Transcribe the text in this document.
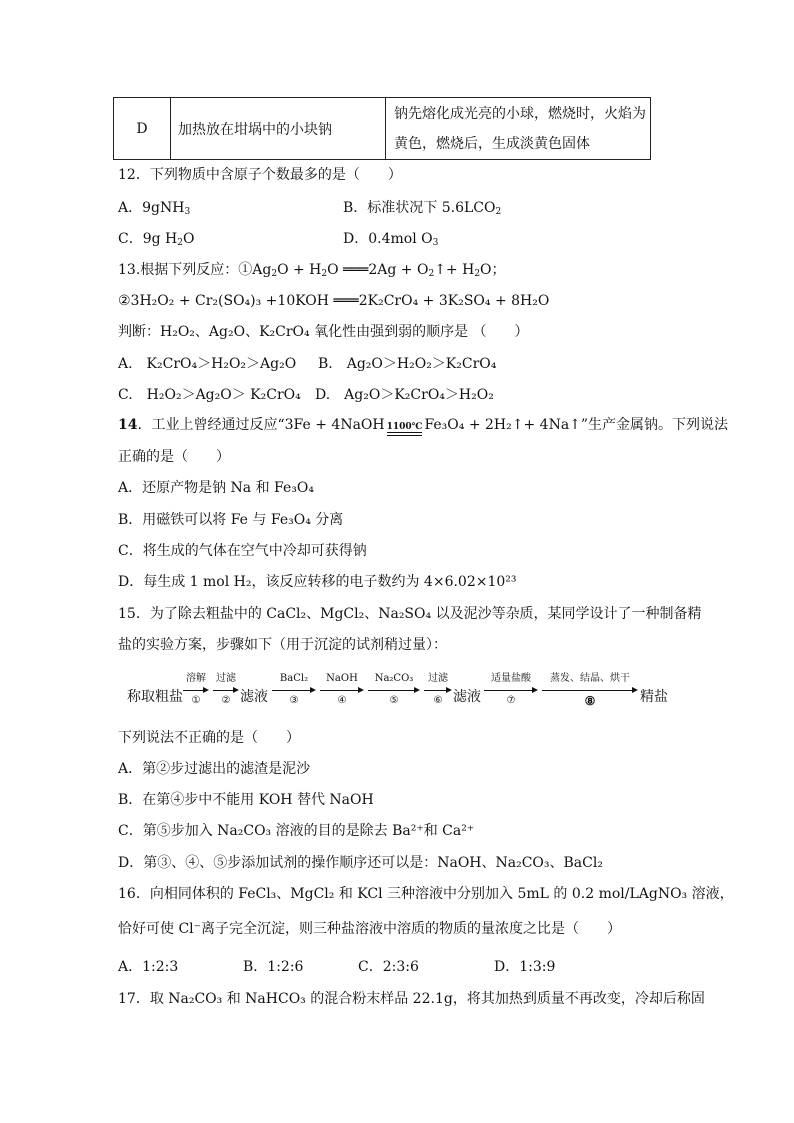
D	加热放在坩埚中的小块钠
钠先熔化成光亮的小球，燃烧时，火焰为
黄色，燃烧后，生成淡黄色固体
12．下列物质中含原子个数最多的是（　　）
A．9gNH$_3$	B．标准状况下 $5.6LCO_2$
C．9g $H_2O$	D．0.4mol $O_3$
13.根据下列反应：$①Ag_2O + H_2O$ ═══2Ag + $O_2↑+ H_2O$；
②3H₂O₂ + Cr₂(SO₄)₃ +10KOH ═══2K₂CrO₄ + 3K₂SO₄ + 8H₂O
判断：H₂O₂、Ag₂O、K₂CrO₄ 氧化性由强到弱的顺序是 （　　）
A.　K₂CrO₄＞H₂O₂＞Ag₂O B.　Ag₂O＞H₂O₂＞K₂CrO₄
C.　H₂O₂＞Ag₂O＞ K₂CrO₄ D.　Ag₂O＞K₂CrO₄＞H₂O₂
14．工业上曾经通过反应“3Fe + 4NaOH 1100℃ Fe₃O₄ + 2H₂↑+ 4Na↑”生产金属钠。下列说法
正确的是（　　）
A．还原产物是钠 Na 和 Fe₃O₄
B．用磁铁可以将 Fe 与 Fe₃O₄ 分离
C．将生成的气体在空气中冷却可获得钠
D．每生成 1 mol H₂，该反应转移的电子数约为 4×6.02×10²³
15．为了除去粗盐中的 CaCl₂、MgCl₂、Na₂SO₄ 以及泥沙等杂质，某同学设计了一种制备精
盐的实验方案，步骤如下（用于沉淀的试剂稍过量）：
称取粗盐
溶解
①
过滤
② 滤液
BaCl₂
③
NaOH
④
Na₂CO₃
⑤
过滤
⑥ 滤液
适量盐酸
⑦
蒸发、结晶、烘干
⑧	精盐
下列说法不正确的是（　　）
A．第②步过滤出的滤渣是泥沙
B．在第④步中不能用 KOH 替代 NaOH
C．第⑤步加入 Na₂CO₃ 溶液的目的是除去 Ba²⁺和 Ca²⁺
D．第③、④、⑤步添加试剂的操作顺序还可以是：NaOH、Na₂CO₃、BaCl₂
16．向相同体积的 FeCl₃、MgCl₂ 和 KCl 三种溶液中分别加入 5mL 的 0.2 mol/LAgNO₃ 溶液，
恰好可使 Cl⁻离子完全沉淀，则三种盐溶液中溶质的物质的量浓度之比是（　　）
A．1:2:3	B．1:2:6	C．2:3:6	D．1:3:9
17．取 Na₂CO₃ 和 NaHCO₃ 的混合粉末样品 22.1g，将其加热到质量不再改变，冷却后称固
